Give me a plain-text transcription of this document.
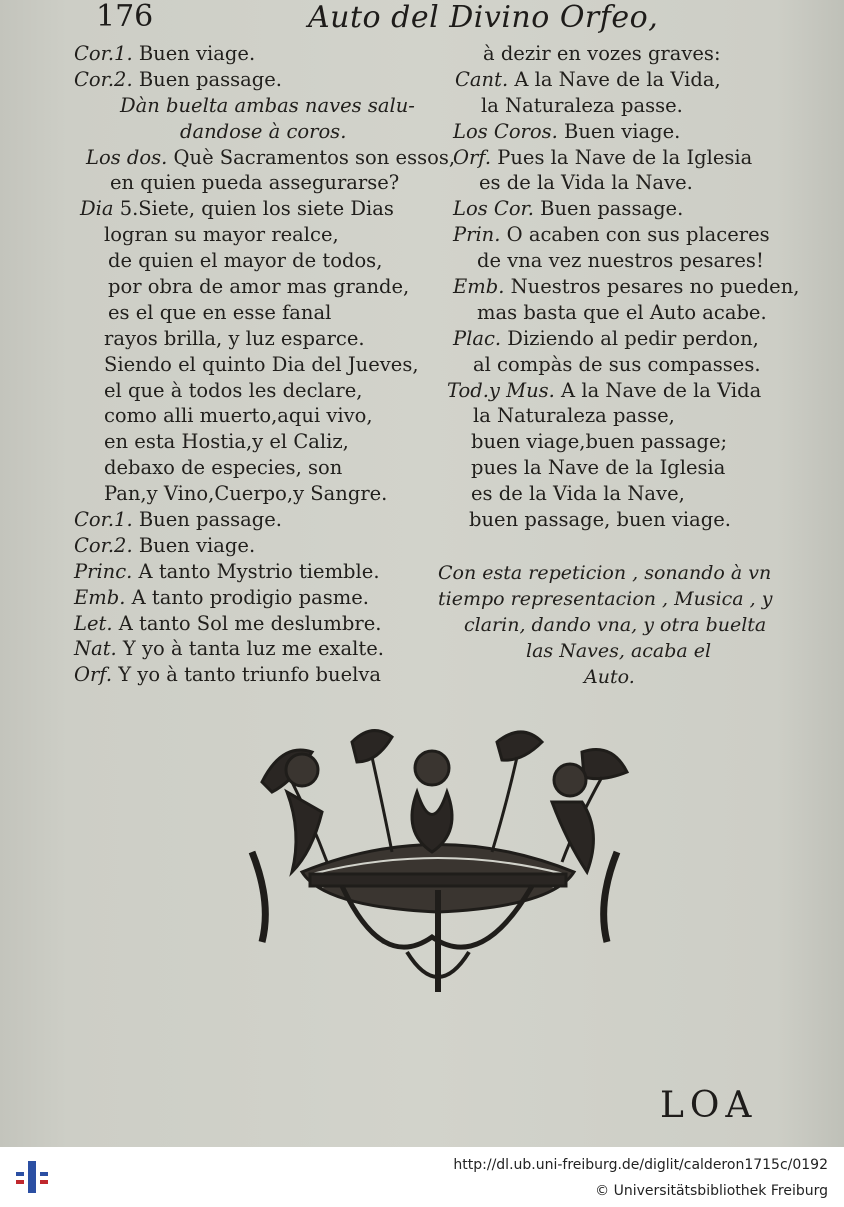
176	Auto del Divino Orfeo,
Cor.1. Buen viage.
Cor.2. Buen passage.
Dàn buelta ambas naves salu-
dandose à coros.
Los dos. Què Sacramentos son essos,
en quien pueda assegurarse?
Dia 5.Siete, quien los siete Dias
logran su mayor realce,
de quien el mayor de todos,
por obra de amor mas grande,
es el que en esse fanal
rayos brilla, y luz esparce.
Siendo el quinto Dia del Jueves,
el que à todos les declare,
como alli muerto,aqui vivo,
en esta Hostia,y el Caliz,
debaxo de especies, son
Pan,y Vino,Cuerpo,y Sangre.
Cor.1. Buen passage.
Cor.2. Buen viage.
Princ. A tanto Mystrio tiemble.
Emb. A tanto prodigio pasme.
Let. A tanto Sol me deslumbre.
Nat. Y yo à tanta luz me exalte.
Orf. Y yo à tanto triunfo buelva
à dezir en vozes graves:
Cant. A la Nave de la Vida,
la Naturaleza passe.
Los Coros. Buen viage.
Orf. Pues la Nave de la Iglesia
es de la Vida la Nave.
Los Cor. Buen passage.
Prin. O acaben con sus placeres
de vna vez nuestros pesares!
Emb. Nuestros pesares no pueden,
mas basta que el Auto acabe.
Plac. Diziendo al pedir perdon,
al compàs de sus compasses.
Tod.y Mus. A la Nave de la Vida
la Naturaleza passe,
buen viage,buen passage;
pues la Nave de la Iglesia
es de la Vida la Nave,
buen passage, buen viage.
Con esta repeticion , sonando à vn
tiempo representacion , Musica , y
clarin, dando vna, y otra buelta
las Naves, acaba el
Auto.
LOA
http://dl.ub.uni-freiburg.de/diglit/calderon1715c/0192
© Universitätsbibliothek Freiburg
